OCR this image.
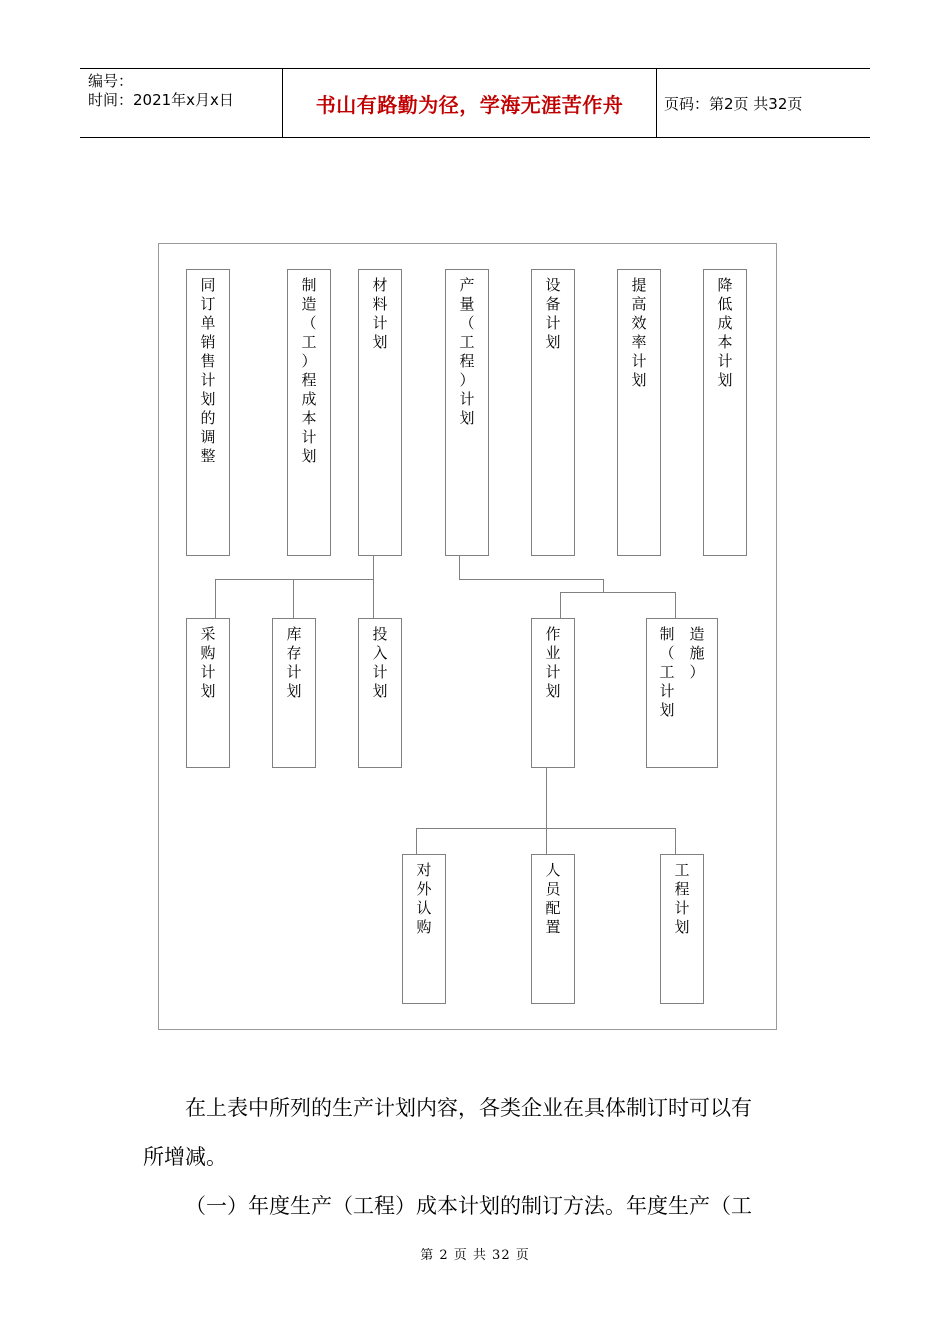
编号：
时间：2021年x月x日	书山有路勤为径，学海无涯苦作舟	页码：第2页 共32页
同
订
单
销
售
计
划
的
调
整
制
造
（
工
）
程
成
本
计
划
材
料
计
划
产
量
（
工
程
）
计
划
设
备
计
划
提
高
效
率
计
划
降
低
成
本
计
划
采
购
计
划
库
存
计
划
投
入
计
划
作
业
计
划
制 造
（ 施
工 ）
计划
对
外
认
购
人
员
配
置
工
程
计
划
在上表中所列的生产计划内容，各类企业在具体制订时可以有
所增减。
（一）年度生产（工程）成本计划的制订方法。年度生产（工
第 2 页 共 32 页
